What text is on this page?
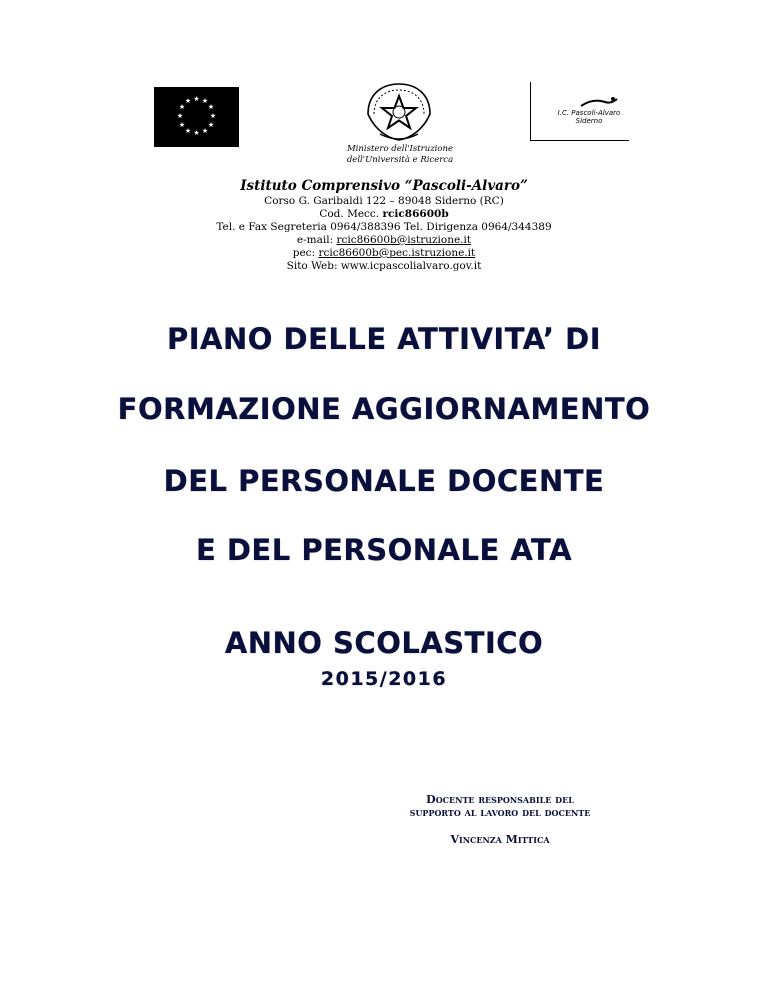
★ ★
★
★
★
★
★
★
★
★
★
★
Ministero dell'Istruzione
dell'Università e Ricerca
I.C. Pascoli-Alvaro
Siderno
Istituto Comprensivo “Pascoli-Alvaro”
Corso G. Garibaldi 122 – 89048 Siderno (RC)
Cod. Mecc. rcic86600b
Tel. e Fax Segreteria 0964/388396 Tel. Dirigenza 0964/344389
e-mail: rcic86600b@istruzione.it
pec: rcic86600b@pec.istruzione.it
Sito Web: www.icpascolialvaro.gov.it
PIANO DELLE ATTIVITA’ DI
FORMAZIONE AGGIORNAMENTO
DEL PERSONALE DOCENTE
E DEL PERSONALE ATA
ANNO SCOLASTICO
2015/2016
Docente responsabile del
supporto al lavoro del docente
Vincenza Mittica
